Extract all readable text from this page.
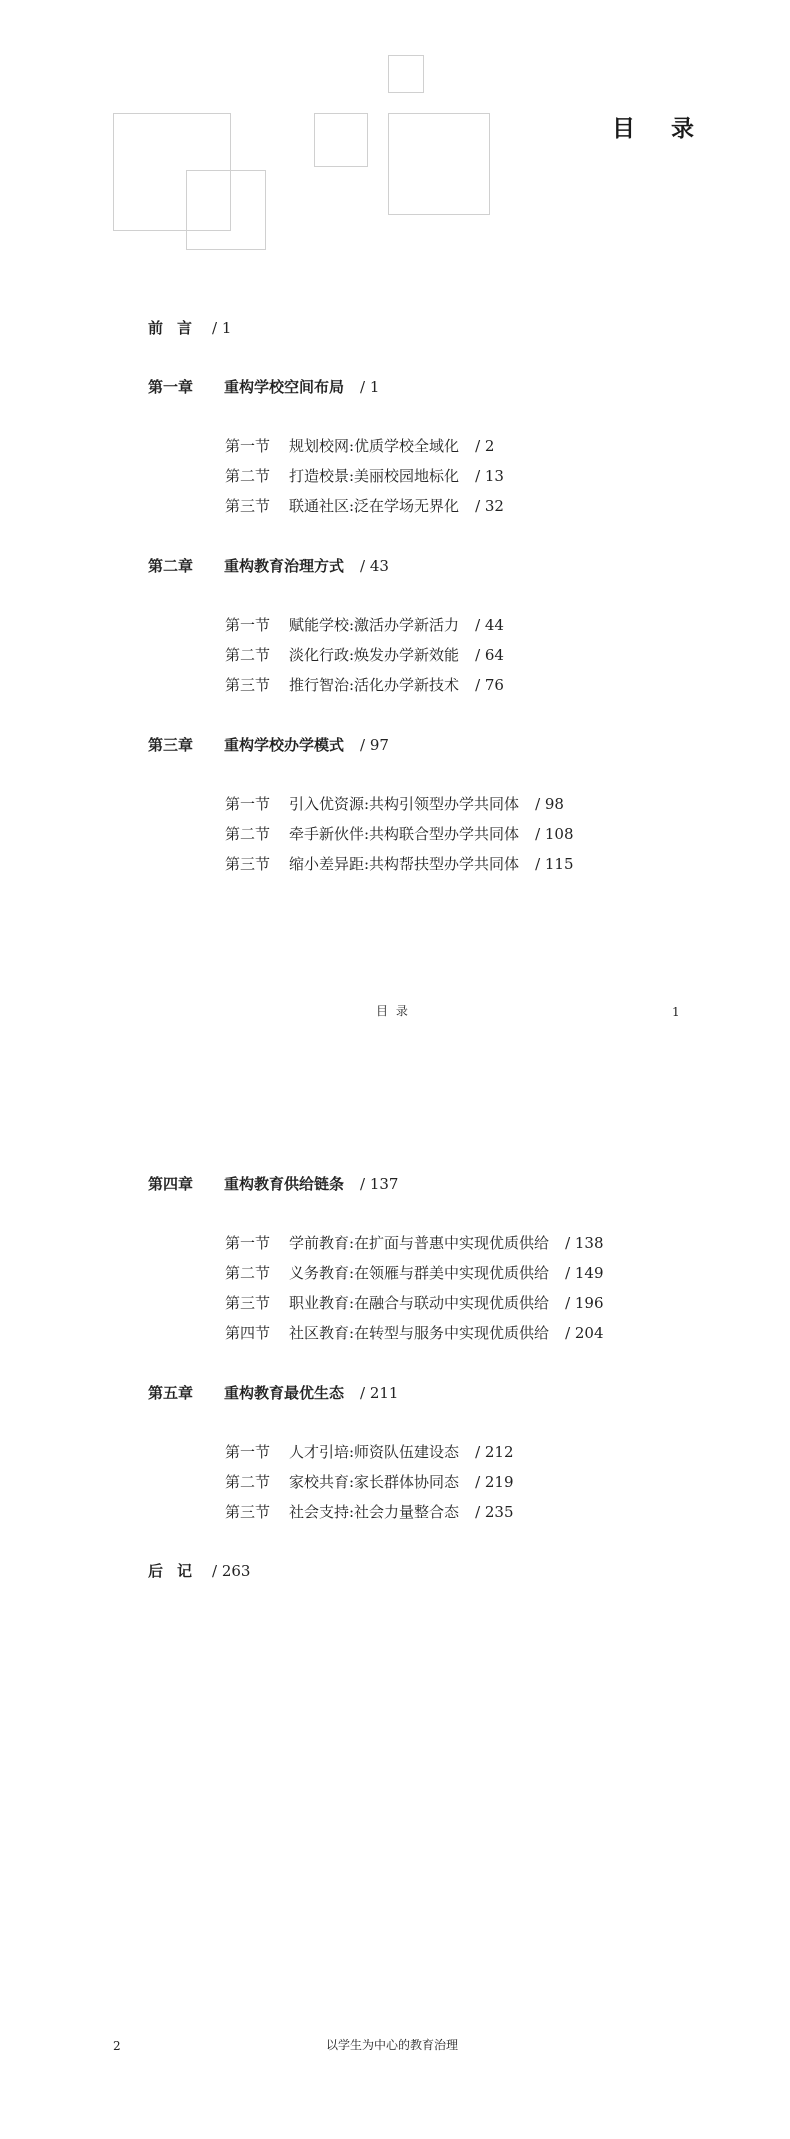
目 录
前言 / 1
第一章 重构学校空间布局 / 1
第一节 规划校网:优质学校全域化 / 2
第二节 打造校景:美丽校园地标化 / 13
第三节 联通社区:泛在学场无界化 / 32
第二章 重构教育治理方式 / 43
第一节 赋能学校:激活办学新活力 / 44
第二节 淡化行政:焕发办学新效能 / 64
第三节 推行智治:活化办学新技术 / 76
第三章 重构学校办学模式 / 97
第一节 引入优资源:共构引领型办学共同体 / 98
第二节 牵手新伙伴:共构联合型办学共同体 / 108
第三节 缩小差异距:共构帮扶型办学共同体 / 115
目 录	1
第四章 重构教育供给链条 / 137
第一节 学前教育:在扩面与普惠中实现优质供给 / 138
第二节 义务教育:在领雁与群美中实现优质供给 / 149
第三节 职业教育:在融合与联动中实现优质供给 / 196
第四节 社区教育:在转型与服务中实现优质供给 / 204
第五章 重构教育最优生态 / 211
第一节 人才引培:师资队伍建设态 / 212
第二节 家校共育:家长群体协同态 / 219
第三节 社会支持:社会力量整合态 / 235
后记 / 263
2	以学生为中心的教育治理
